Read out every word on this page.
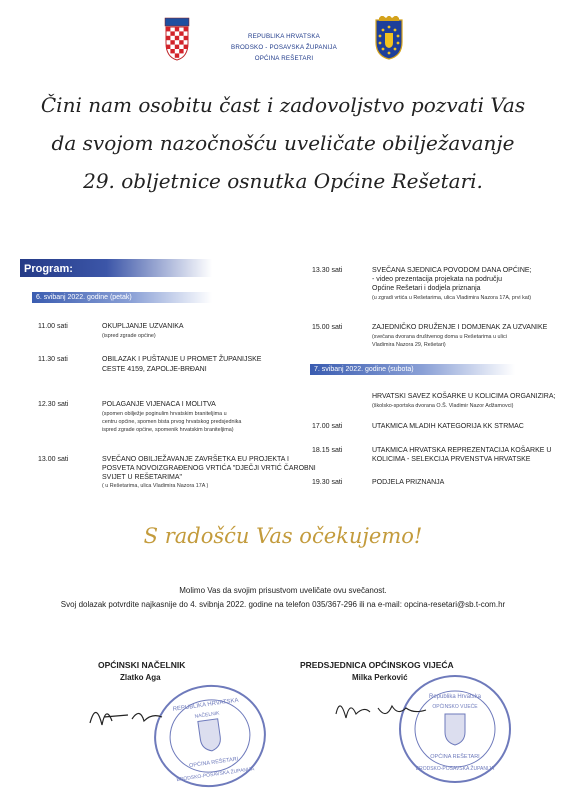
REPUBLIKA HRVATSKA
BRODSKO - POSAVSKA ŽUPANIJA
OPĆINA REŠETARI
Čini nam osobitu čast i zadovoljstvo pozvati Vas
da svojom nazočnošću uveličate obilježavanje
29. obljetnice osnutka Općine Rešetari.
Program:
6. svibanj 2022. godine (petak)
11.00 sati	OKUPLJANJE UZVANIKA
(ispred zgrade općine)
11.30 sati	OBILAZAK I PUŠTANJE U PROMET ŽUPANIJSKE
CESTE 4159, ZAPOLJE-BRĐANI
12.30 sati	POLAGANJE VIJENACA I MOLITVA
(spomen obilježje poginulim hrvatskim braniteljima u
centru općine, spomen bista prvog hrvatskog predsjednika
ispred zgrade općine, spomenik hrvatskim braniteljima)
13.00 sati	SVEČANO OBILJEŽAVANJE ZAVRŠETKA EU PROJEKTA I
POSVETA NOVOIZGRAĐENOG VRTIĆA "DJEČJI VRTIĆ ČAROBNI
SVIJET U REŠETARIMA"
( u Rešetarima, ulica Vladimira Nazora 17A )
13.30 sati	SVEČANA SJEDNICA POVODOM DANA OPĆINE;
- video prezentacija projekata na području
Općine Rešetari i dodjela priznanja
(u zgradi vrtića u Rešetarima, ulica Vladimira Nazora 17A, prvi kat)
15.00 sati	ZAJEDNIČKO DRUŽENJE I DOMJENAK ZA UZVANIKE
(svečana dvorana društvenog doma u Rešetarima u ulici
Vladimira Nazora 29, Rešetari)
7. svibanj 2022. godine (subota)
HRVATSKI SAVEZ KOŠARKE U KOLICIMA ORGANIZIRA;
(školsko-sportska dvorana O.Š. Vladimir Nazor Adžamovci)
17.00 sati	UTAKMICA MLADIH KATEGORIJA KK STRMAC
18.15 sati	UTAKMICA HRVATSKA REPREZENTACIJA KOŠARKE U
KOLICIMA - SELEKCIJA PRVENSTVA HRVATSKE
19.30 sati	PODJELA PRIZNANJA
S radošću Vas očekujemo!
Molimo Vas da svojim prisustvom uveličate ovu svečanost.
Svoj dolazak potvrdite najkasnije do 4. svibnja 2022. godine na telefon 035/367-296 ili na e-mail: opcina-resetari@sb.t-com.hr
OPĆINSKI NAČELNIK
Zlatko Aga
PREDSJEDNICA OPĆINSKOG VIJEĆA
Milka Perković
REPUBLIKA HRVATSKA
NAČELNIK
OPĆINA REŠETARI
BRODSKO-POSAVSKA ŽUPANIJA
Republika Hrvatska
OPĆINSKO VIJEĆE
OPĆINA REŠETARI
BRODSKO-POSAVSKA ŽUPANIJA
